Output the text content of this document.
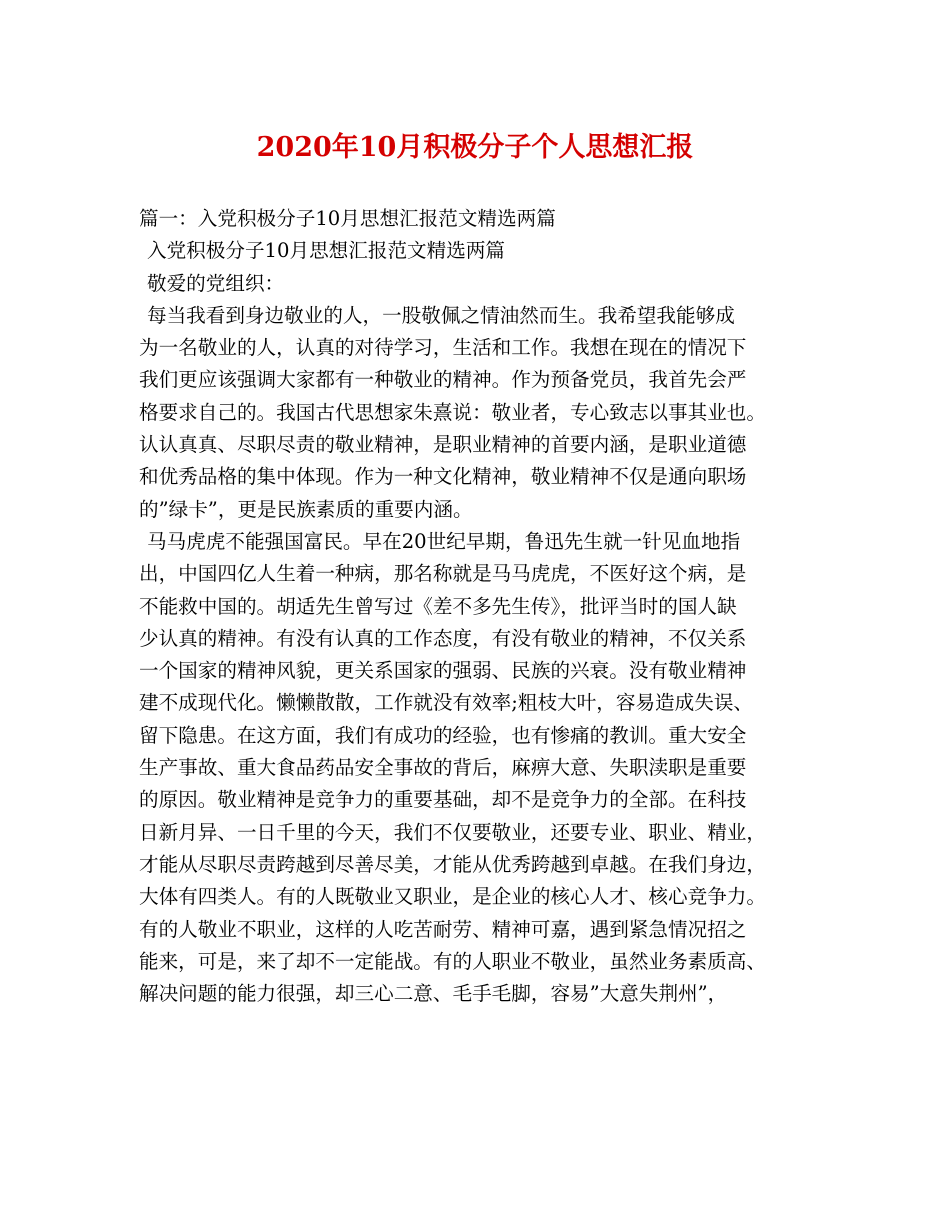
2020年10月积极分子个人思想汇报
篇一：入党积极分子10月思想汇报范文精选两篇
入党积极分子10月思想汇报范文精选两篇
敬爱的党组织：
每当我看到身边敬业的人，一股敬佩之情油然而生。我希望我能够成
为一名敬业的人，认真的对待学习，生活和工作。我想在现在的情况下
我们更应该强调大家都有一种敬业的精神。作为预备党员，我首先会严
格要求自己的。我国古代思想家朱熹说：敬业者，专心致志以事其业也。
认认真真、尽职尽责的敬业精神，是职业精神的首要内涵，是职业道德
和优秀品格的集中体现。作为一种文化精神，敬业精神不仅是通向职场
的”绿卡”，更是民族素质的重要内涵。
马马虎虎不能强国富民。早在20世纪早期，鲁迅先生就一针见血地指
出，中国四亿人生着一种病，那名称就是马马虎虎，不医好这个病，是
不能救中国的。胡适先生曾写过《差不多先生传》，批评当时的国人缺
少认真的精神。有没有认真的工作态度，有没有敬业的精神，不仅关系
一个国家的精神风貌，更关系国家的强弱、民族的兴衰。没有敬业精神
建不成现代化。懒懒散散，工作就没有效率;粗枝大叶，容易造成失误、
留下隐患。在这方面，我们有成功的经验，也有惨痛的教训。重大安全
生产事故、重大食品药品安全事故的背后，麻痹大意、失职渎职是重要
的原因。敬业精神是竞争力的重要基础，却不是竞争力的全部。在科技
日新月异、一日千里的今天，我们不仅要敬业，还要专业、职业、精业，
才能从尽职尽责跨越到尽善尽美，才能从优秀跨越到卓越。在我们身边，
大体有四类人。有的人既敬业又职业，是企业的核心人才、核心竞争力。
有的人敬业不职业，这样的人吃苦耐劳、精神可嘉，遇到紧急情况招之
能来，可是，来了却不一定能战。有的人职业不敬业，虽然业务素质高、
解决问题的能力很强，却三心二意、毛手毛脚，容易”大意失荆州”，
